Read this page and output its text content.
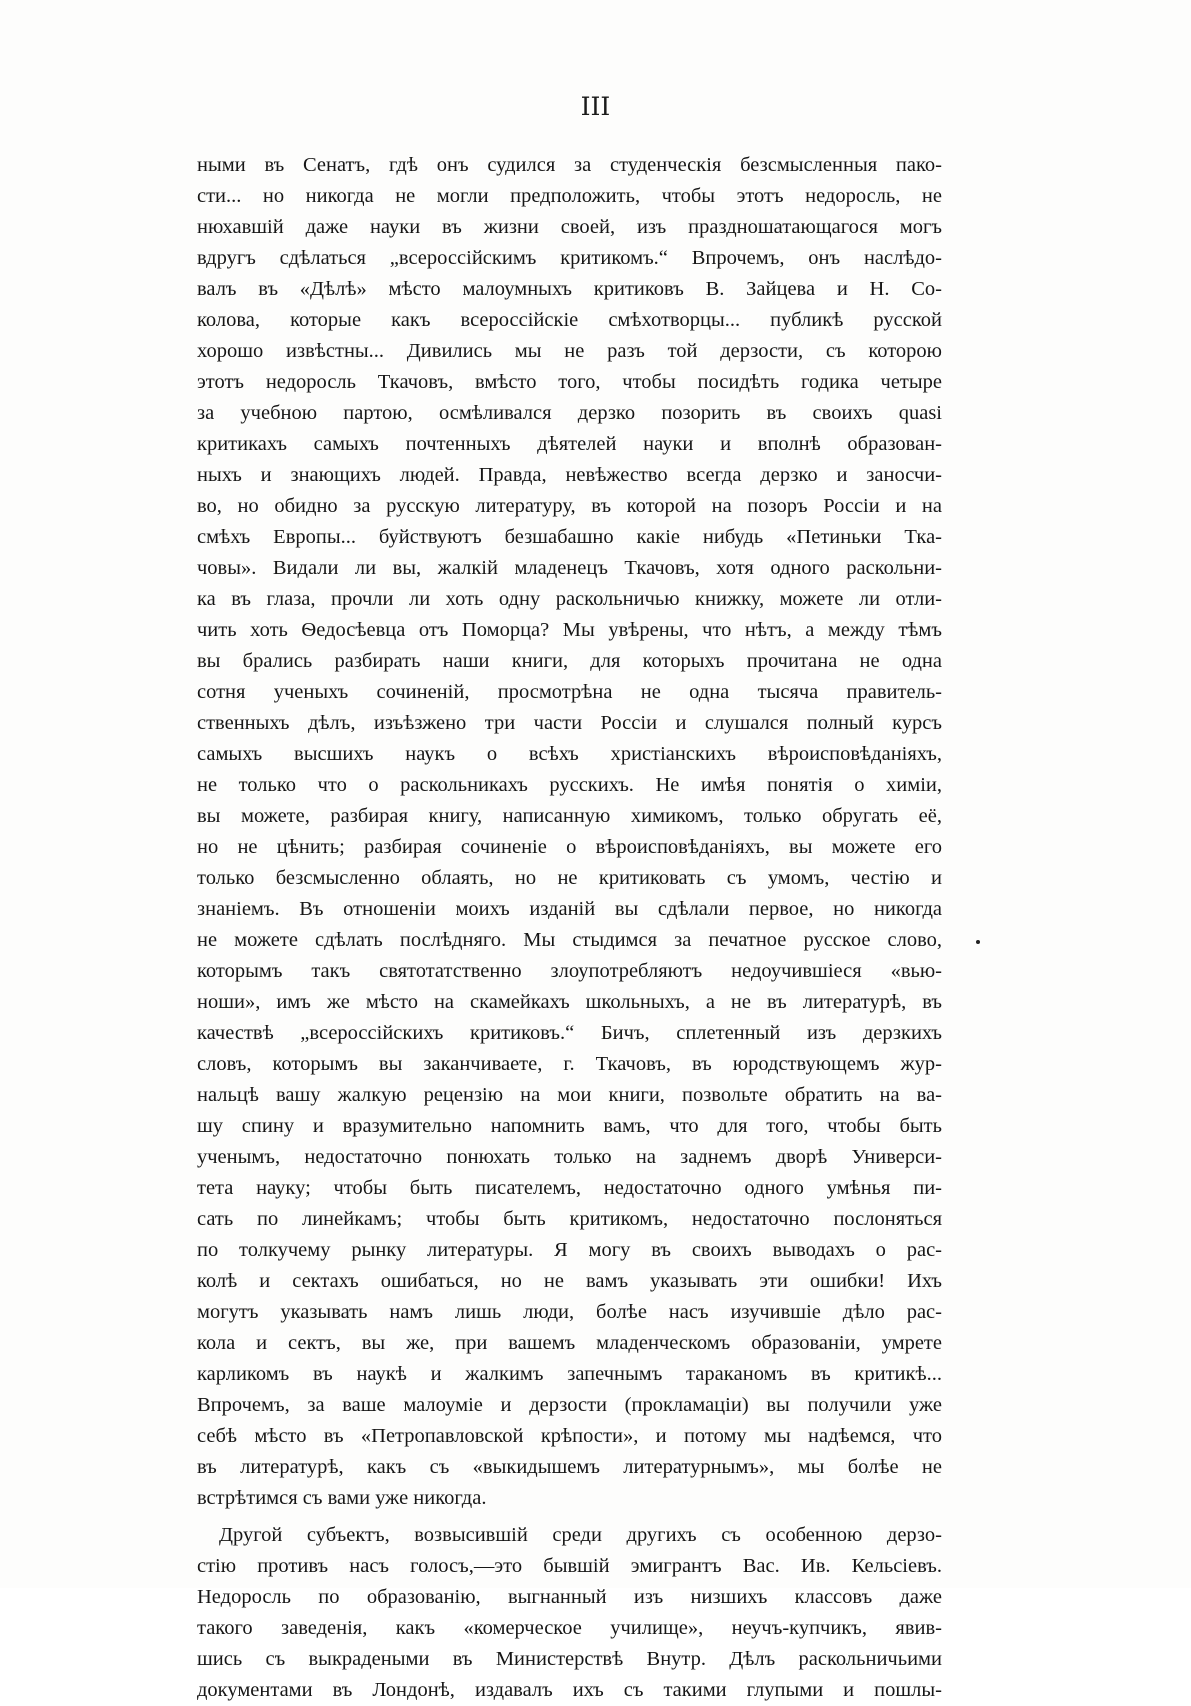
III
ными въ Сенатъ, гдѣ онъ судился за студенческія безсмысленныя пако-
сти... но никогда не могли предположить, чтобы этотъ недоросль, не
нюхавшій даже науки въ жизни своей, изъ праздношатающагося могъ
вдругъ сдѣлаться „всероссійскимъ критикомъ.“ Впрочемъ, онъ наслѣдо-
валъ въ «Дѣлѣ» мѣсто малоумныхъ критиковъ В. Зайцева и Н. Со-
колова, которые какъ всероссійскіе смѣхотворцы... публикѣ русской
хорошо извѣстны... Дивились мы не разъ той дерзости, съ которою
этотъ недоросль Ткачовъ, вмѣсто того, чтобы посидѣть годика четыре
за учебною партою, осмѣливался дерзко позорить въ своихъ quasi
критикахъ самыхъ почтенныхъ дѣятелей науки и вполнѣ образован-
ныхъ и знающихъ людей. Правда, невѣжество всегда дерзко и заносчи-
во, но обидно за русскую литературу, въ которой на позоръ Россіи и на
смѣхъ Европы... буйствуютъ безшабашно какіе нибудь «Петиньки Тка-
човы». Видали ли вы, жалкій младенецъ Ткачовъ, хотя одного раскольни-
ка въ глаза, прочли ли хоть одну раскольничью книжку, можете ли отли-
чить хоть Ѳедосѣевца отъ Поморца? Мы увѣрены, что нѣтъ, а между тѣмъ
вы брались разбирать наши книги, для которыхъ прочитана не одна
сотня ученыхъ сочиненій, просмотрѣна не одна тысяча правитель-
ственныхъ дѣлъ, изъѣзжено три части Россіи и слушался полный курсъ
самыхъ высшихъ наукъ о всѣхъ христіанскихъ вѣроисповѣданіяхъ,
не только что о раскольникахъ русскихъ. Не имѣя понятія о химіи,
вы можете, разбирая книгу, написанную химикомъ, только обругать её,
но не цѣнить; разбирая сочиненіе о вѣроисповѣданіяхъ, вы можете его
только безсмысленно облаять, но не критиковать съ умомъ, честію и
знаніемъ. Въ отношеніи моихъ изданій вы сдѣлали первое, но никогда
не можете сдѣлать послѣдняго. Мы стыдимся за печатное русское слово,
которымъ такъ святотатственно злоупотребляютъ недоучившіеся «вью-
ноши», имъ же мѣсто на скамейкахъ школьныхъ, а не въ литературѣ, въ
качествѣ „всероссійскихъ критиковъ.“ Бичъ, сплетенный изъ дерзкихъ
словъ, которымъ вы заканчиваете, г. Ткачовъ, въ юродствующемъ жур-
нальцѣ вашу жалкую рецензію на мои книги, позвольте обратить на ва-
шу спину и вразумительно напомнить вамъ, что для того, чтобы быть
ученымъ, недостаточно понюхать только на заднемъ дворѣ Универси-
тета науку; чтобы быть писателемъ, недостаточно одного умѣнья пи-
сать по линейкамъ; чтобы быть критикомъ, недостаточно послоняться
по толкучему рынку литературы. Я могу въ своихъ выводахъ о рас-
колѣ и сектахъ ошибаться, но не вамъ указывать эти ошибки! Ихъ
могутъ указывать намъ лишь люди, болѣе насъ изучившіе дѣло рас-
кола и сектъ, вы же, при вашемъ младенческомъ образованіи, умрете
карликомъ въ наукѣ и жалкимъ запечнымъ таракaномъ въ критикѣ...
Впрочемъ, за ваше малоуміе и дерзости (прокламаціи) вы получили уже
себѣ мѣсто въ «Петропавловской крѣпости», и потому мы надѣемся, что
въ литературѣ, какъ съ «выкидышемъ литературнымъ», мы болѣе не
встрѣтимся съ вами уже никогда.
Другой субъектъ, возвысившій среди другихъ съ особенною дерзо-
стію противъ насъ голосъ,—это бывшій эмигрантъ Вас. Ив. Кельсіевъ.
Недоросль по образованію, выгнанный изъ низшихъ классовъ даже
такого заведенія, какъ «комерческое училище», неучъ-купчикъ, явив-
шись съ выкрадеными въ Министерствѣ Внутр. Дѣлъ раскольничьими
документами въ Лондонѣ, издавалъ ихъ съ такими глупыми и пошлы-
